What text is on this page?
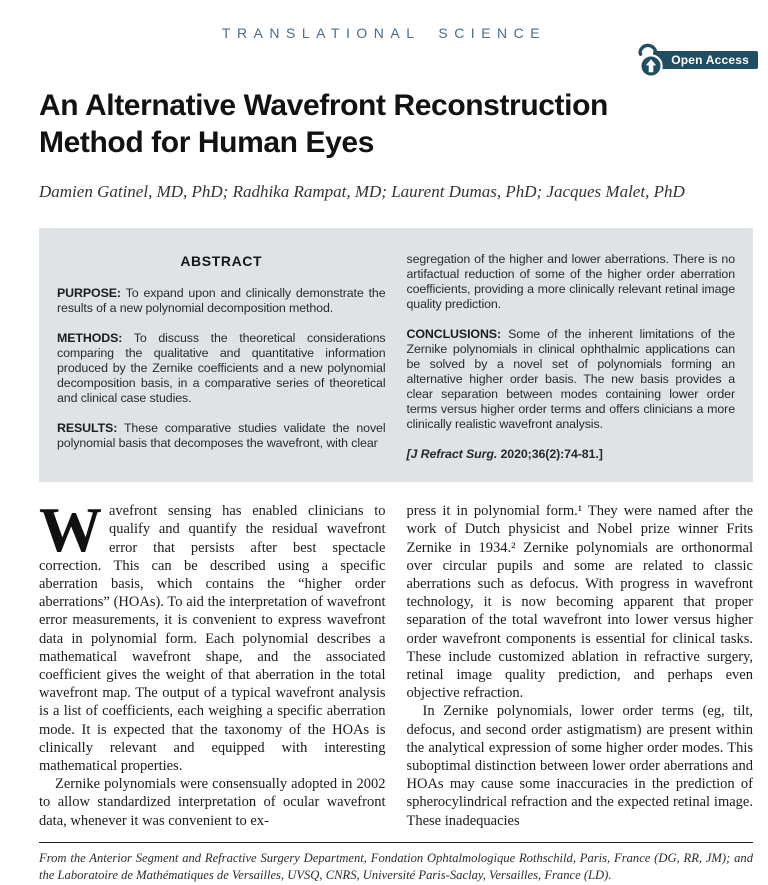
TRANSLATIONAL SCIENCE
Open Access
An Alternative Wavefront Reconstruction
Method for Human Eyes
Damien Gatinel, MD, PhD; Radhika Rampat, MD; Laurent Dumas, PhD; Jacques Malet, PhD
ABSTRACT

PURPOSE: To expand upon and clinically demonstrate the results of a new polynomial decomposition method.

METHODS: To discuss the theoretical considerations comparing the qualitative and quantitative information produced by the Zernike coefficients and a new polynomial decomposition basis, in a comparative series of theoretical and clinical case studies.

RESULTS: These comparative studies validate the novel polynomial basis that decomposes the wavefront, with clear

segregation of the higher and lower aberrations. There is no artifactual reduction of some of the higher order aberration coefficients, providing a more clinically relevant retinal image quality prediction.

CONCLUSIONS: Some of the inherent limitations of the Zernike polynomials in clinical ophthalmic applications can be solved by a novel set of polynomials forming an alternative higher order basis. The new basis provides a clear separation between modes containing lower order terms versus higher order terms and offers clinicians a more clinically realistic wavefront analysis.

[J Refract Surg. 2020;36(2):74-81.]

Wavefront sensing has enabled clinicians to qualify and quantify the residual wavefront error that persists after best spectacle correction. This can be described using a specific aberration basis, which contains the “higher order aberrations” (HOAs). To aid the interpretation of wavefront error measurements, it is convenient to express wavefront data in polynomial form. Each polynomial describes a mathematical wavefront shape, and the associated coefficient gives the weight of that aberration in the total wavefront map. The output of a typical wavefront analysis is a list of coefficients, each weighing a specific aberration mode. It is expected that the taxonomy of the HOAs is clinically relevant and equipped with interesting mathematical properties.

Zernike polynomials were consensually adopted in 2002 to allow standardized interpretation of ocular wavefront data, whenever it was convenient to ex-

press it in polynomial form.¹ They were named after the work of Dutch physicist and Nobel prize winner Frits Zernike in 1934.² Zernike polynomials are orthonormal over circular pupils and some are related to classic aberrations such as defocus. With progress in wavefront technology, it is now becoming apparent that proper separation of the total wavefront into lower versus higher order wavefront components is essential for clinical tasks. These include customized ablation in refractive surgery, retinal image quality prediction, and perhaps even objective refraction.

In Zernike polynomials, lower order terms (eg, tilt, defocus, and second order astigmatism) are present within the analytical expression of some higher order modes. This suboptimal distinction between lower order aberrations and HOAs may cause some inaccuracies in the prediction of spherocylindrical refraction and the expected retinal image. These inadequacies

From the Anterior Segment and Refractive Surgery Department, Fondation Ophtalmologique Rothschild, Paris, France (DG, RR, JM); and the Laboratoire de Mathématiques de Versailles, UVSQ, CNRS, Université Paris-Saclay, Versailles, France (LD).
